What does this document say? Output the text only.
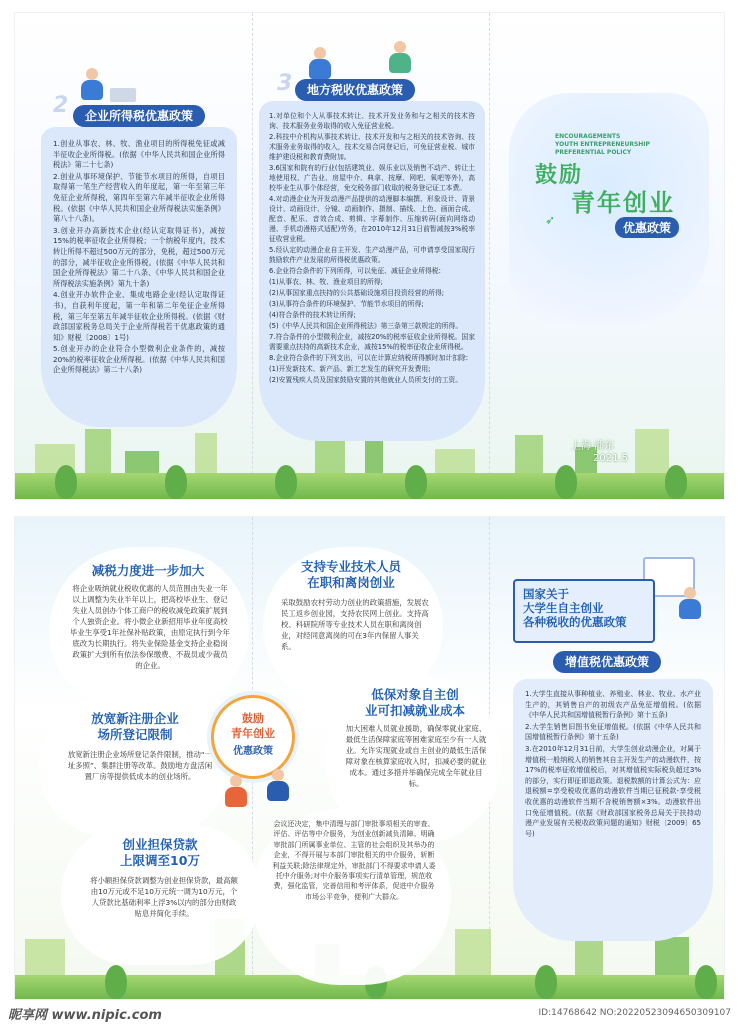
2	企业所得税优惠政策

1.创业从事农、林、牧、渔业项目的所得税免征或减半征收企业所得税。(依据《中华人民共和国企业所得税法》第二十七条)

2.创业从事环境保护、节能节水项目的所得，自项目取得第一笔生产经营收入的年度起，第一年至第三年免征企业所得税，第四年至第六年减半征收企业所得税。(依据《中华人民共和国企业所得税法实施条例》第八十八条)。

3.创业开办高新技术企业(经认定取得证书)，减按15%的税率征收企业所得税；一个纳税年度内，技术转让所得不超过500万元的部分，免税，超过500万元的部分，减半征收企业所得税。(依据《中华人民共和国企业所得税法》第二十八条、《中华人民共和国企业所得税法实施条例》第九十条)

4.创业开办软件企业、集成电路企业(经认定取得证书)，自获利年度起，第一年和第二年免征企业所得税，第三年至第五年减半征收企业所得税。(依据《财政部国家税务总局关于企业所得税若干优惠政策的通知》财税〔2008〕1号)

5.创业开办的企业符合小型微利企业条件的，减按20%的税率征收企业所得税。(依据《中华人民共和国企业所得税法》第二十八条)

3	地方税收优惠政策

1.对单位和个人从事技术转让、技术开发业务和与之相关的技术咨询、技术服务业务取得的收入免征营业税。

2.科技中介机构从事技术转让、技术开发和与之相关的技术咨询、技术服务业务取得的收入，技术交易合同登记后，可免征营业税、城市维护建设税和教育费附加。

3.6国家和院有的行业(包括建筑业、娱乐业以及销售不动产、转让土地使用权、广告业、房屋中介、典拿、按摩、网吧、氧吧等外)，高校毕业生从事个体经营，免交税务部门收取的税务登记证工本费。

4.对动漫企业为开发动漫产品提供的动漫脚本编撰、形象设计、背景设计、动画设计、分镜、动画制作、摄制、描线、上色、画面合成、配音、配乐、音效合成、剪辑、字幕制作、压缩转码(面向网络动漫、手机动漫格式适配)劳务，在2010年12月31日前暂减按3%税率征收营业税。

5.经认定的动漫企业自主开发、生产动漫产品，可申请享受国家现行鼓励软件产业发展的所得税优惠政策。

6.企业符合条件的下列所得，可以免征、减征企业所得税:

(1)从事农、林、牧、渔业项目的所得;

(2)从事国家重点扶持的公共基础设施项目投资经营的所得;

(3)从事符合条件的环境保护、节能节水项目的所得;

(4)符合条件的技术转让所得;

(5)《中华人民共和国企业所得税法》第三条第三款规定的所得。

7.符合条件的小型微利企业，减按20%的税率征收企业所得税。国家需要重点扶持的高新技术企业，减按15%的税率征收企业所得税。

8.企业符合条件的下列支出，可以在计算应纳税所得额时加计扣除:

(1)开发新技术、新产品、新工艺发生的研究开发费用;

(2)安置残疾人员及国家鼓励安置的其他就业人员所支付的工资。

ENCOURAGEMENTS
YOUTH ENTREPRENEURSHIP
PREFERENTIAL POLICY
鼓励
青年创业
优惠政策
➶
上海·浦东
2021.5
减税力度进一步加大
将企业吸纳就业税收优惠的人员范围由失业一年以上调整为失业半年以上，把高校毕业生、登记失业人员创办个体工商户的税收减免政策扩展到个人独资企业。将小微企业新招用毕业年度高校毕业生享受1年社保补贴政策，由原定执行到今年底改为长期执行。将失业保险基金支持企业稳岗政策扩大到所有依法参保缴费、不裁员或少裁员的企业。
放宽新注册企业
场所登记限制
放宽新注册企业场所登记条件限制，推动“一址多照”、集群注册等改革。鼓励地方盘活闲置厂房等提供低成本的创业场所。
创业担保贷款
上限调至10万
将小额担保贷款调整为创业担保贷款，最高额由10万元或不足10万元统一调为10万元，个人贷款比基础利率上浮3%以内的部分由财政贴息并简化手续。
支持专业技术人员
在职和离岗创业
采取鼓励农村劳动力创业的政策措施，发展农民工返乡创业园，支持农民网上创业。支持高校、科研院所等专业技术人员在职和离岗创业，对经同意离岗的可在3年内保留人事关系。
鼓励
青年创业
优惠政策
低保对象自主创
业可扣减就业成本
加大困难人员就业援助，确保零就业家庭、最低生活保障家庭等困难家庭至少有一人就业。允许实现就业或自主创业的最低生活保障对象在核算家庭收入时，扣减必要的就业成本。通过多措并举确保完成全年就业目标。
会议还决定，集中清理与部门审批事项相关的审查、评估、评估等中介服务，为创业创新减负清障。明确审批部门所属事业单位、主管的社会组织及其举办的企业，不得开展与本部门审批相关的中介服务，斩断利益关联;除法律规定外，审批部门不得要求申请人委托中介服务;对中介服务事项实行清单管理，规范收费，强化监管，完善信用和考评体系，促进中介服务市场公平竞争，便利广大群众。
国家关于
大学生自主创业
各种税收的优惠政策
增值税优惠政策

1.大学生直接从事种植业、养殖业、林业、牧业、水产业生产的，其销售自产的初级农产品免征增值税。(依据《中华人民共和国增值税暂行条例》第十五条)

2.大学生销售旧图书免征增值税。(依据《中华人民共和国增值税暂行条例》第十五条)

3.在2010年12月31日前，大学生创业动漫企业，对属于增值税一般纳税人的销售其自主开发生产的动漫软件，按17%的税率征收增值税后，对其增值税实际税负超过3%的部分，实行即征即退政策。退税数额的计算公式为：应退税额=享受税收优惠的动漫软件当期已征税款-享受税收优惠的动漫软件当期不含税销售额×3%。动漫软件出口免征增值税。(依据《财政部国家税务总局关于扶持动漫产业发展有关税收政策问题的通知》财税〔2009〕65号)

昵享网 www.nipic.com	ID:14768642 NO:20220523094650309107
